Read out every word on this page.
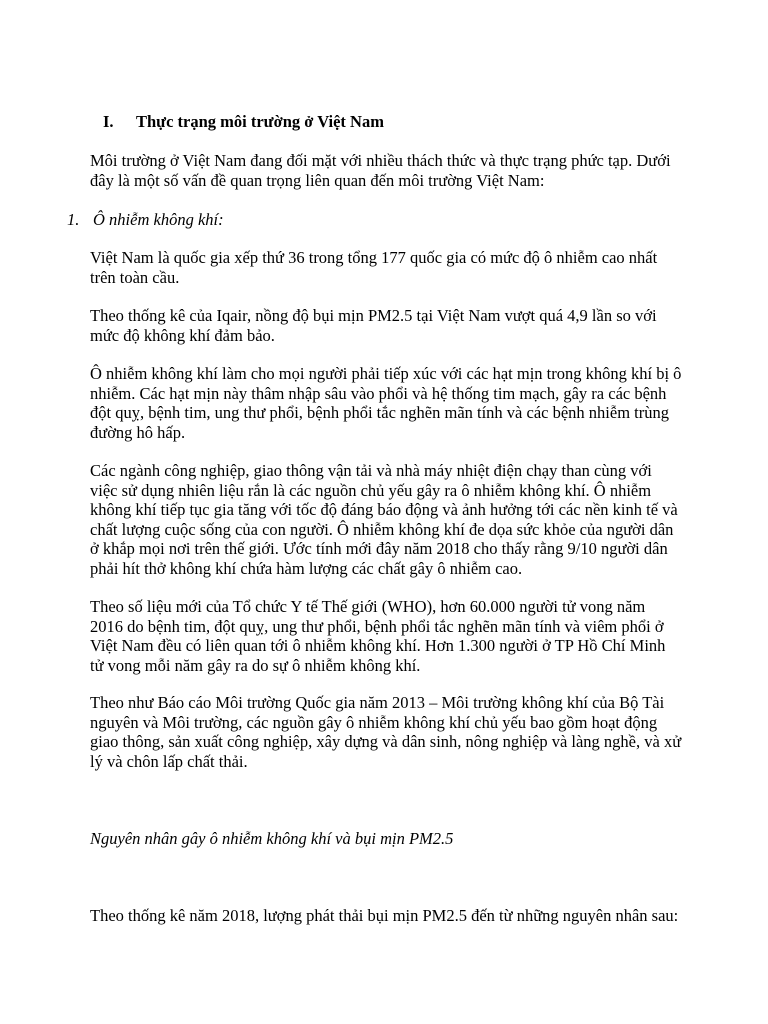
I. Thực trạng môi trường ở Việt Nam
Môi trường ở Việt Nam đang đối mặt với nhiều thách thức và thực trạng phức tạp. Dưới
đây là một số vấn đề quan trọng liên quan đến môi trường Việt Nam:
1. Ô nhiễm không khí:
Việt Nam là quốc gia xếp thứ 36 trong tổng 177 quốc gia có mức độ ô nhiễm cao nhất
trên toàn cầu.
Theo thống kê của Iqair, nồng độ bụi mịn PM2.5 tại Việt Nam vượt quá 4,9 lần so với
mức độ không khí đảm bảo.
Ô nhiễm không khí làm cho mọi người phải tiếp xúc với các hạt mịn trong không khí bị ô
nhiễm. Các hạt mịn này thâm nhập sâu vào phổi và hệ thống tim mạch, gây ra các bệnh
đột quỵ, bệnh tim, ung thư phổi, bệnh phổi tắc nghẽn mãn tính và các bệnh nhiễm trùng
đường hô hấp.
Các ngành công nghiệp, giao thông vận tải và nhà máy nhiệt điện chạy than cùng với
việc sử dụng nhiên liệu rắn là các nguồn chủ yếu gây ra ô nhiễm không khí. Ô nhiễm
không khí tiếp tục gia tăng với tốc độ đáng báo động và ảnh hưởng tới các nền kinh tế và
chất lượng cuộc sống của con người. Ô nhiễm không khí đe dọa sức khỏe của người dân
ở khắp mọi nơi trên thế giới. Ước tính mới đây năm 2018 cho thấy rằng 9/10 người dân
phải hít thở không khí chứa hàm lượng các chất gây ô nhiễm cao.
Theo số liệu mới của Tổ chức Y tế Thế giới (WHO), hơn 60.000 người tử vong năm
2016 do bệnh tim, đột quỵ, ung thư phổi, bệnh phổi tắc nghẽn mãn tính và viêm phổi ở
Việt Nam đều có liên quan tới ô nhiễm không khí. Hơn 1.300 người ở TP Hồ Chí Minh
tử vong mỗi năm gây ra do sự ô nhiễm không khí.
Theo như Báo cáo Môi trường Quốc gia năm 2013 – Môi trường không khí của Bộ Tài
nguyên và Môi trường, các nguồn gây ô nhiễm không khí chủ yếu bao gồm hoạt động
giao thông, sản xuất công nghiệp, xây dựng và dân sinh, nông nghiệp và làng nghề, và xử
lý và chôn lấp chất thải.
Nguyên nhân gây ô nhiễm không khí và bụi mịn PM2.5
Theo thống kê năm 2018, lượng phát thải bụi mịn PM2.5 đến từ những nguyên nhân sau:
